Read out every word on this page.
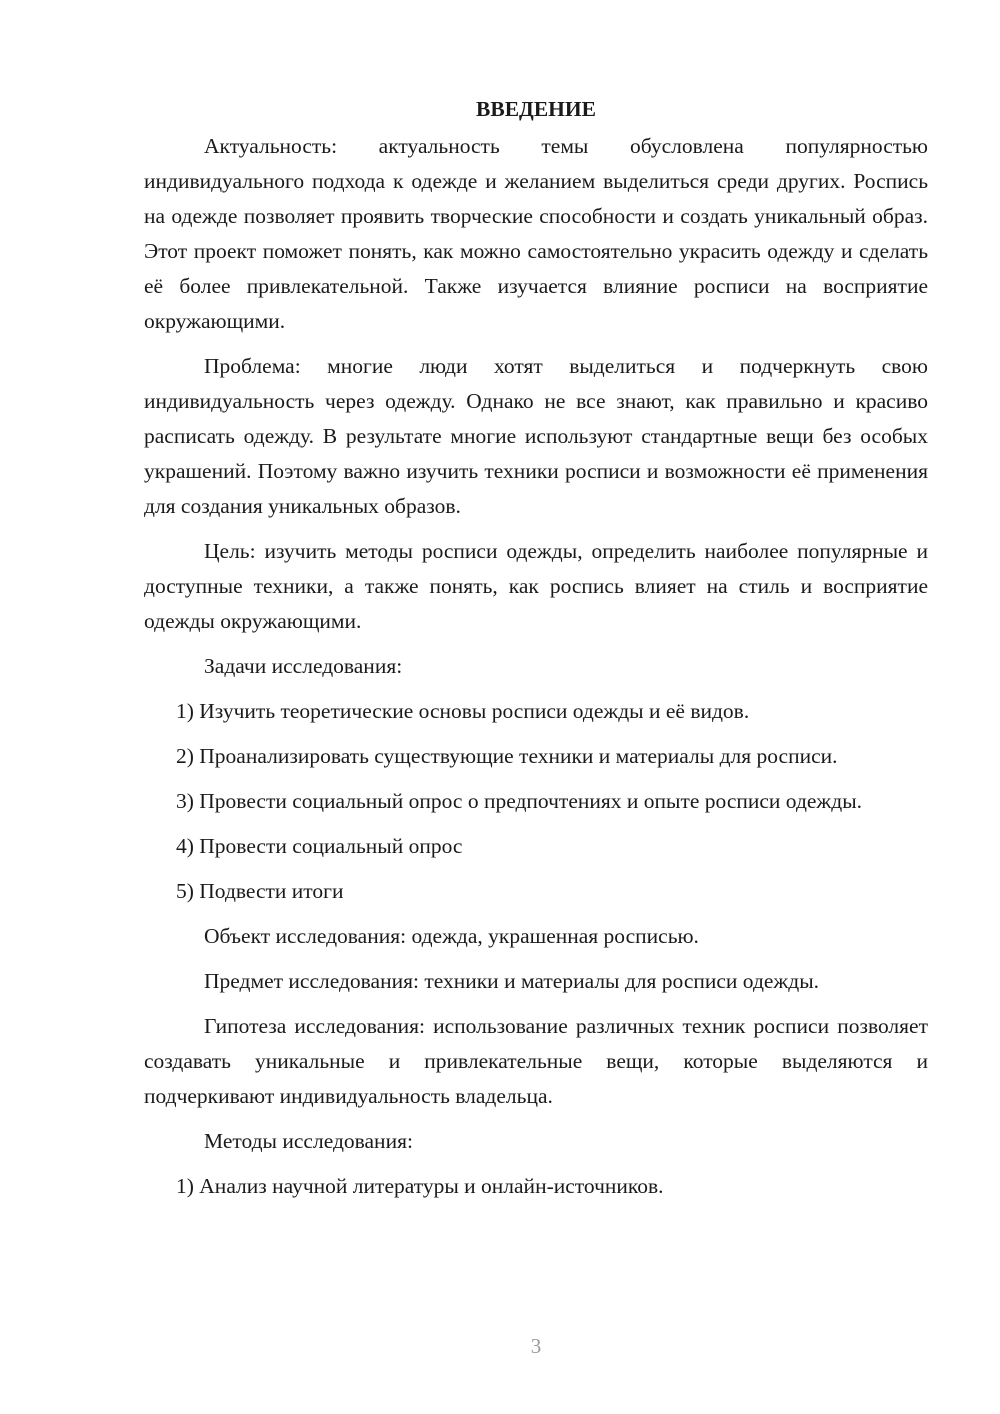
ВВЕДЕНИЕ

Актуальность: актуальность темы обусловлена популярностью индивидуального подхода к одежде и желанием выделиться среди других. Роспись на одежде позволяет проявить творческие способности и создать уникальный образ. Этот проект поможет понять, как можно самостоятельно украсить одежду и сделать её более привлекательной. Также изучается влияние росписи на восприятие окружающими.

Проблема: многие люди хотят выделиться и подчеркнуть свою индивидуальность через одежду. Однако не все знают, как правильно и красиво расписать одежду. В результате многие используют стандартные вещи без особых украшений. Поэтому важно изучить техники росписи и возможности её применения для создания уникальных образов.

Цель: изучить методы росписи одежды, определить наиболее популярные и доступные техники, а также понять, как роспись влияет на стиль и восприятие одежды окружающими.

Задачи исследования:

1) Изучить теоретические основы росписи одежды и её видов.

2) Проанализировать существующие техники и материалы для росписи.

3) Провести социальный опрос о предпочтениях и опыте росписи одежды.

4) Провести социальный опрос

5) Подвести итоги

Объект исследования: одежда, украшенная росписью.

Предмет исследования: техники и материалы для росписи одежды.

Гипотеза исследования: использование различных техник росписи позволяет создавать уникальные и привлекательные вещи, которые выделяются и подчеркивают индивидуальность владельца.

Методы исследования:

1) Анализ научной литературы и онлайн-источников.

3
